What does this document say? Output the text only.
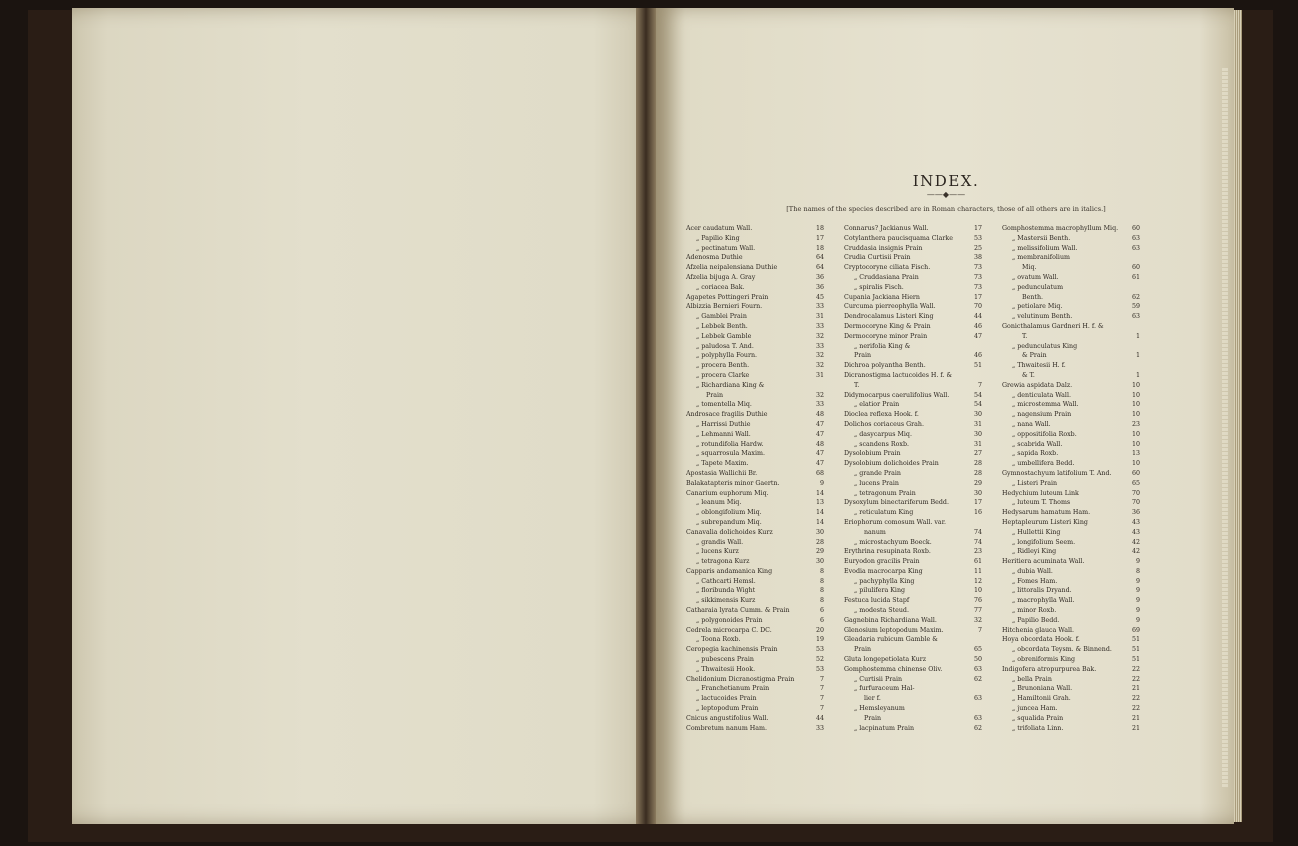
INDEX.
——◆——
[The names of the species described are in Roman characters, those of all others are in italics.]
Acer caudatum Wall.	18
„ Papilio King	17
„ pectinatum Wall.	18
Adenosma Duthie	64
Afzelia neipalensiana Duthie	64
Afzelia bijuga A. Gray	36
„ coriacea Bak.	36
Agapetes Pottingeri Prain	45
Albizzia Bernieri Fourn.	33
„ Gamblei Prain	31
„ Lebbek Benth.	33
„ Lebbek Gamble	32
„ paludosa T. And.	33
„ polyphylla Fourn.	32
„ procera Benth.	32
„ procera Clarke	31
„ Richardiana King &
Prain	32
„ tomentella Miq.	33
Androsace fragilis Duthie	48
„ Harrissi Duthie	47
„ Lehmanni Wall.	47
„ rotundifolia Hardw.	48
„ squarrosula Maxim.	47
„ Tapete Maxim.	47
Apostasia Wallichii Br.	68
Balakatapteris minor Gaertn.	9
Canarium euphorum Miq.	14
„ leanum Miq.	13
„ oblongifolium Miq.	14
„ subrepandum Miq.	14
Canavalia dolichoides Kurz	30
„ grandis Wall.	28
„ lucens Kurz	29
„ tetragona Kurz	30
Capparis andamanica King	8
„ Cathcarti Hemsl.	8
„ floribunda Wight	8
„ sikkimensis Kurz	8
Catharaia lyrata Cumm. & Prain	6
„ polygonoides Prain	6
Cedrela microcarpa C. DC.	20
„ Toona Roxb.	19
Ceropegia kachinensis Prain	53
„ pubescens Prain	52
„ Thwaitesii Hook.	53
Chelidonium Dicranostigma Prain	7
„ Franchetianum Prain	7
„ lactucoides Prain	7
„ leptopodum Prain	7
Cnicus angustifolius Wall.	44
Combretum nanum Ham.	33
Connarus? Jackianus Wall.	17
Cotylanthera paucisquama Clarke	53
Cruddasia insignis Prain	25
Crudia Curtisii Prain	38
Cryptocoryne ciliata Fisch.	73
„ Cruddasiana Prain	73
„ spiralis Fisch.	73
Cupania Jackiana Hiern	17
Curcuma pierreophylla Wall.	70
Dendrocalamus Listeri King	44
Dermocoryne King & Prain	46
Dermocoryne minor Prain	47
„ nerifolia King &
Prain	46
Dichroa polyantha Benth.	51
Dicranostigma lactucoides H. f. &
T.	7
Didymocarpus caerulifolius Wall.	54
„ elatior Prain	54
Dioclea reflexa Hook. f.	30
Dolichos coriaceus Grah.	31
„ dasycarpus Miq.	30
„ scandens Roxb.	31
Dysolobium Prain	27
Dysolobium dolichoides Prain	28
„ grande Prain	28
„ lucens Prain	29
„ tetragonum Prain	30
Dysoxylum binectariferum Bedd.	17
„ reticulatum King	16
Eriophorum comosum Wall. var.
nanum	74
„ microstachyum Boeck.	74
Erythrina resupinata Roxb.	23
Euryodon gracilis Prain	61
Evodia macrocarpa King	11
„ pachyphylla King	12
„ pilulifera King	10
Festuca lucida Stapf	76
„ modesta Steud.	77
Gagnebina Richardiana Wall.	32
Glenosium leptopodum Maxim.	7
Gleadaria rubicum Gamble &
Prain	65
Gluta longepetiolata Kurz	50
Gomphostemma chinense Oliv.	63
„ Curtisii Prain	62
„ furfuraceum Hal-
lier f.	63
„ Hemsleyanum
Prain	63
„ lacpinatum Prain	62
Gomphostemma macrophyllum Miq.	60
„ Mastersii Benth.	63
„ melissifolium Wall.	63
„ membranifolium
Miq.	60
„ ovatum Wall.	61
„ pedunculatum
Benth.	62
„ petiolare Miq.	59
„ velutinum Benth.	63
Gonicthalamus Gardneri H. f. &
T.	1
„ pedunculatus King
& Prain	1
„ Thwaitesii H. f.
& T.	1
Grewia aspidata Dalz.	10
„ denticulata Wall.	10
„ microstemma Wall.	10
„ nagensium Prain	10
„ nana Wall.	23
„ oppositifolia Roxb.	10
„ scabrida Wall.	10
„ sapida Roxb.	13
„ umbellifera Bedd.	10
Gymnostachyum latifolium T. And.	60
„ Listeri Prain	65
Hedychium luteum Link	70
„ luteum T. Thoms	70
Hedysarum hamatum Ham.	36
Heptapleurum Listeri King	43
„ Hullettii King	43
„ longifolium Seem.	42
„ Ridleyi King	42
Heritiera acuminata Wall.	9
„ dubia Wall.	8
„ Fomes Ham.	9
„ littoralis Dryand.	9
„ macrophylla Wall.	9
„ minor Roxb.	9
„ Papilio Bedd.	9
Hitchenia glauca Wall.	69
Hoya obcordata Hook. f.	51
„ obcordata Teysm. & Binnend.	51
„ obreniformis King	51
Indigofera atropurpurea Bak.	22
„ bella Prain	22
„ Brunoniana Wall.	21
„ Hamiltonii Grah.	22
„ juncea Ham.	22
„ squalida Prain	21
„ trifoliata Linn.	21
